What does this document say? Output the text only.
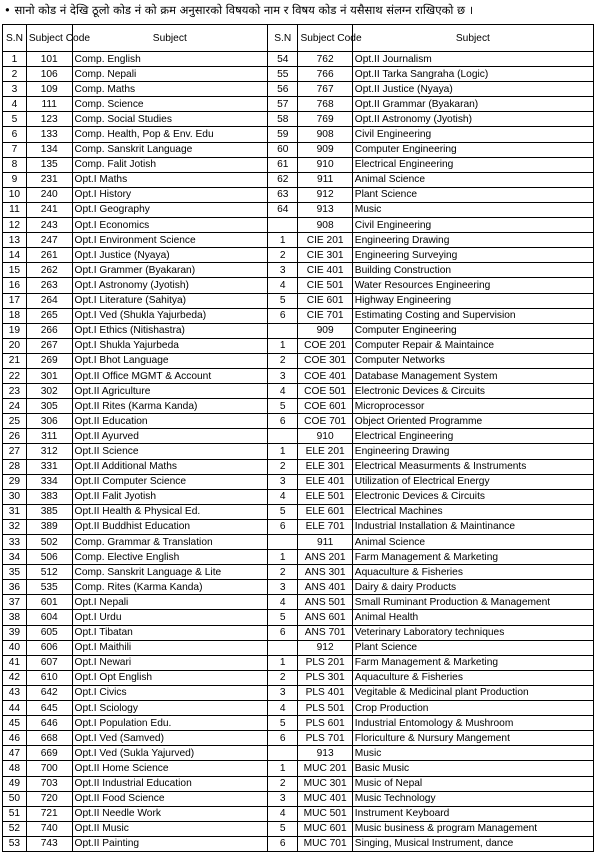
• सानो कोड नं देखि ठूलो कोड नं को क्रम अनुसारको विषयको नाम र विषय कोड नं यसैसाथ संलग्न राखिएको छ ।
S.N	Subject Code	Subject	S.N	Subject Code	Subject
1	101	Comp. English	54	762	Opt.II Journalism
2	106	Comp. Nepali	55	766	Opt.II Tarka Sangraha (Logic)
3	109	Comp. Maths	56	767	Opt.II Justice (Nyaya)
4	111	Comp. Science	57	768	Opt.II Grammar (Byakaran)
5	123	Comp. Social Studies	58	769	Opt.II Astronomy (Jyotish)
6	133	Comp. Health, Pop & Env. Edu	59	908	Civil Engineering
7	134	Comp. Sanskrit Language	60	909	Computer Engineering
8	135	Comp. Falit Jotish	61	910	Electrical Engineering
9	231	Opt.I Maths	62	911	Animal Science
10	240	Opt.I History	63	912	Plant Science
11	241	Opt.I Geography	64	913	Music
12	243	Opt.I Economics		908	Civil Engineering
13	247	Opt.I Environment Science	1	CIE 201	Engineering Drawing
14	261	Opt.I Justice (Nyaya)	2	CIE 301	Engineering Surveying
15	262	Opt.I Grammer (Byakaran)	3	CIE 401	Building Construction
16	263	Opt.I Astronomy (Jyotish)	4	CIE 501	Water Resources Engineering
17	264	Opt.I Literature (Sahitya)	5	CIE 601	Highway Engineering
18	265	Opt.I Ved (Shukla Yajurbeda)	6	CIE 701	Estimating Costing and Supervision
19	266	Opt.I Ethics (Nitishastra)		909	Computer Engineering
20	267	Opt.I Shukla Yajurbeda	1	COE 201	Computer Repair & Maintaince
21	269	Opt.I Bhot Language	2	COE 301	Computer Networks
22	301	Opt.II Office MGMT & Account	3	COE 401	Database Management System
23	302	Opt.II Agriculture	4	COE 501	Electronic Devices & Circuits
24	305	Opt.II Rites (Karma Kanda)	5	COE 601	Microprocessor
25	306	Opt.II Education	6	COE 701	Object Oriented Programme
26	311	Opt.II Ayurved		910	Electrical Engineering
27	312	Opt.II Science	1	ELE 201	Engineering Drawing
28	331	Opt.II Additional Maths	2	ELE 301	Electrical Measurments & Instruments
29	334	Opt.II Computer Science	3	ELE 401	Utilization of Electrical Energy
30	383	Opt.II Falit Jyotish	4	ELE 501	Electronic Devices & Circuits
31	385	Opt.II Health & Physical Ed.	5	ELE 601	Electrical Machines
32	389	Opt.II Buddhist Education	6	ELE 701	Industrial Installation & Maintinance
33	502	Comp. Grammar & Translation		911	Animal Science
34	506	Comp. Elective English	1	ANS 201	Farm Management & Marketing
35	512	Comp. Sanskrit Language & Lite	2	ANS 301	Aquaculture & Fisheries
36	535	Comp. Rites (Karma Kanda)	3	ANS 401	Dairy & dairy Products
37	601	Opt.I Nepali	4	ANS 501	Small Ruminant Production & Management
38	604	Opt.I Urdu	5	ANS 601	Animal Health
39	605	Opt.I Tibatan	6	ANS 701	Veterinary Laboratory techniques
40	606	Opt.I Maithili		912	Plant Science
41	607	Opt.I Newari	1	PLS 201	Farm Management & Marketing
42	610	Opt.I Opt English	2	PLS 301	Aquaculture & Fisheries
43	642	Opt.I Civics	3	PLS 401	Vegitable & Medicinal plant Production
44	645	Opt.I Sciology	4	PLS 501	Crop Production
45	646	Opt.I Population Edu.	5	PLS 601	Industrial Entomology & Mushroom
46	668	Opt.I Ved (Samved)	6	PLS 701	Floriculture & Nursury Mangement
47	669	Opt.I Ved (Sukla Yajurved)		913	Music
48	700	Opt.II Home Science	1	MUC 201	Basic Music
49	703	Opt.II Industrial Education	2	MUC 301	Music of Nepal
50	720	Opt.II Food Science	3	MUC 401	Music Technology
51	721	Opt.II Needle Work	4	MUC 501	Instrument Keyboard
52	740	Opt.II Music	5	MUC 601	Music business & program Management
53	743	Opt.II Painting	6	MUC 701	Singing, Musical Instrument, dance
